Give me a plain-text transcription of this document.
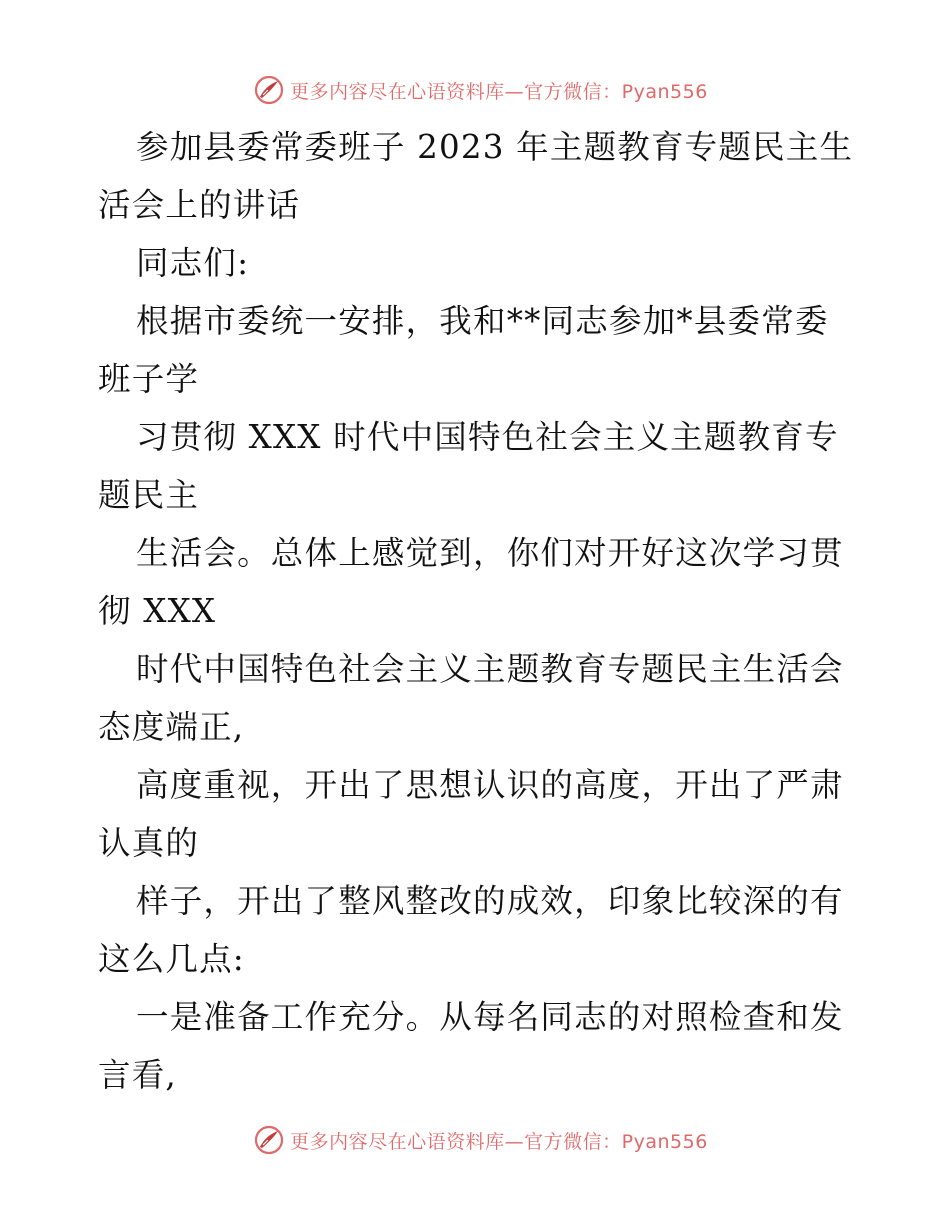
更多内容尽在心语资料库—官方微信：Pyan556

参加县委常委班子 2023 年主题教育专题民主生

活会上的讲话

同志们:

根据市委统一安排，我和**同志参加*县委常委

班子学

习贯彻 XXX 时代中国特色社会主义主题教育专

题民主

生活会。总体上感觉到，你们对开好这次学习贯

彻 XXX

时代中国特色社会主义主题教育专题民主生活会

态度端正,

高度重视，开出了思想认识的高度，开出了严肃

认真的

样子，开出了整风整改的成效，印象比较深的有

这么几点:

一是准备工作充分。从每名同志的对照检查和发

言看,

更多内容尽在心语资料库—官方微信：Pyan556
